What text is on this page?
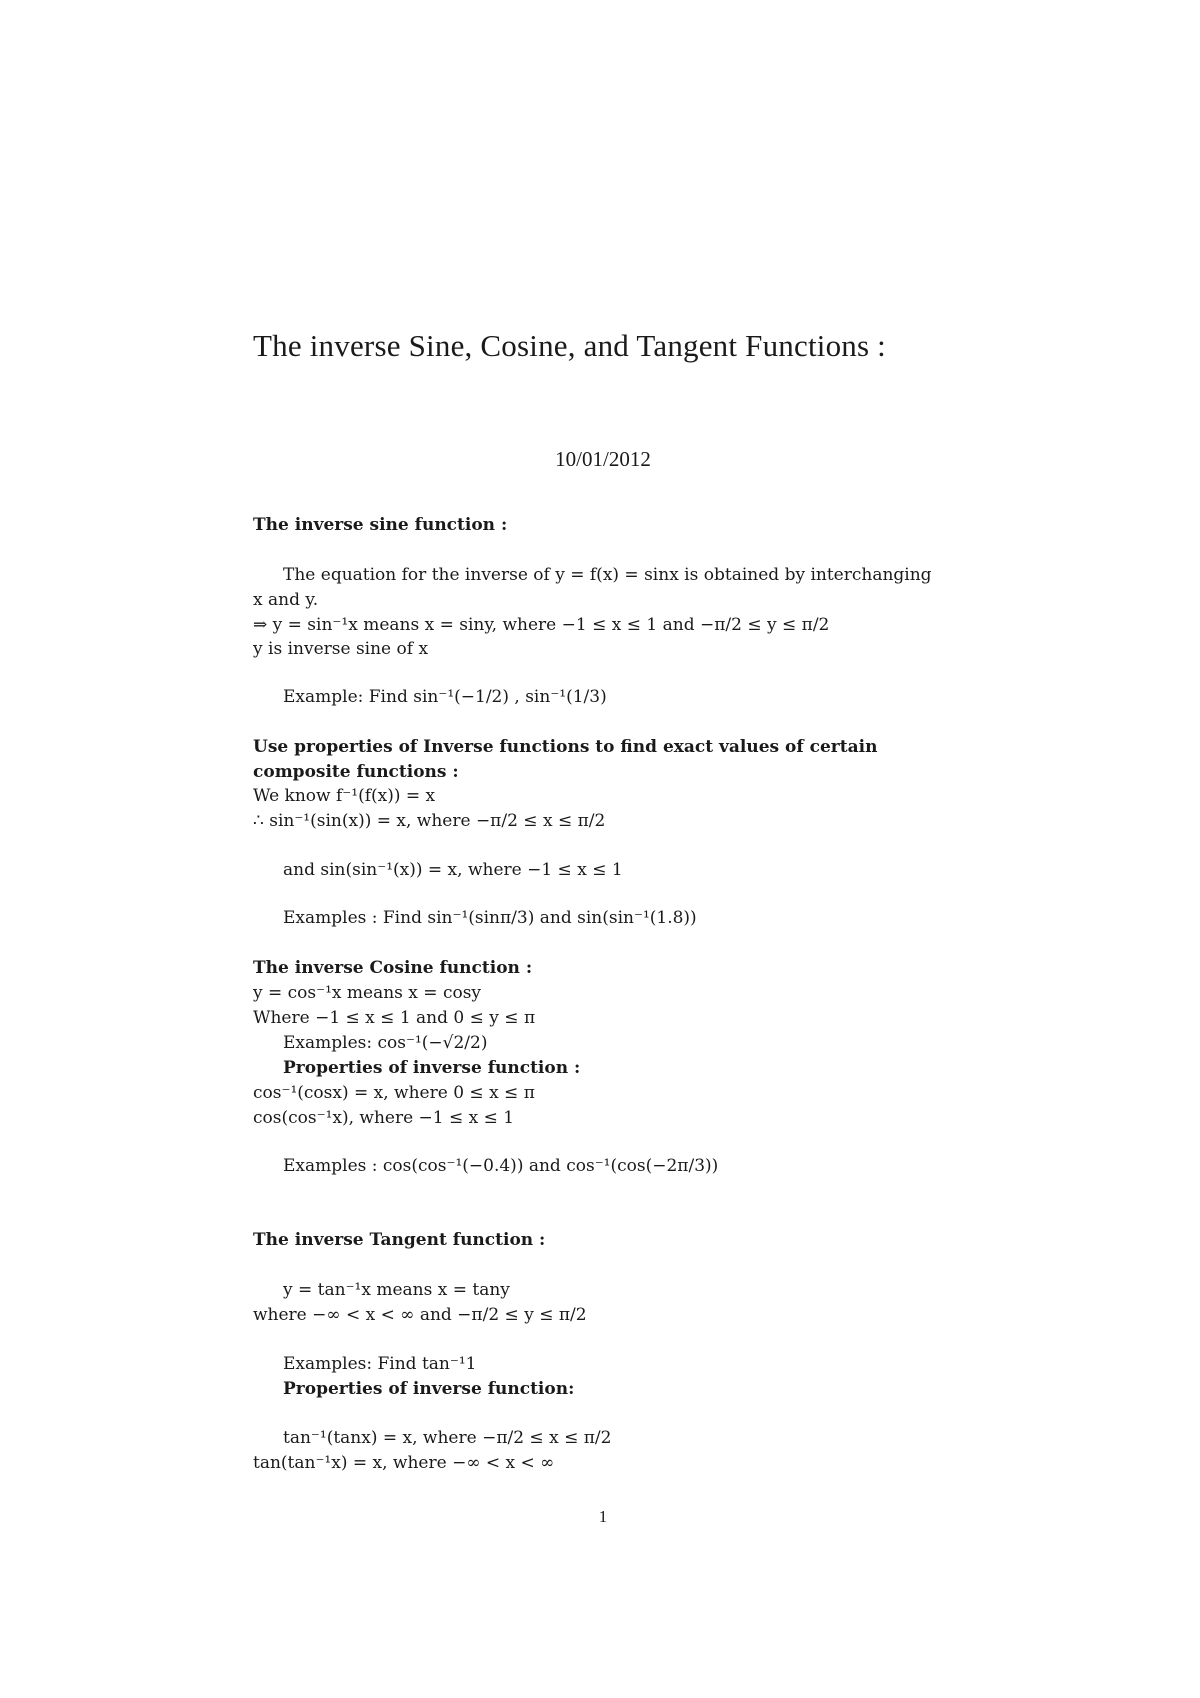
The inverse Sine, Cosine, and Tangent Functions :
10/01/2012
The inverse sine function :
The equation for the inverse of y = f(x) = sinx is obtained by interchanging
x and y.
⇒ y = sin⁻¹x means x = siny, where −1 ≤ x ≤ 1 and −π/2 ≤ y ≤ π/2
y is inverse sine of x
Example: Find sin⁻¹(−1/2) , sin⁻¹(1/3)
Use properties of Inverse functions to find exact values of certain
composite functions :
We know f⁻¹(f(x)) = x
∴ sin⁻¹(sin(x)) = x, where −π/2 ≤ x ≤ π/2
and sin(sin⁻¹(x)) = x, where −1 ≤ x ≤ 1
Examples : Find sin⁻¹(sinπ/3) and sin(sin⁻¹(1.8))
The inverse Cosine function :
y = cos⁻¹x means x = cosy
Where −1 ≤ x ≤ 1 and 0 ≤ y ≤ π
Examples: cos⁻¹(−√2/2)
Properties of inverse function :
cos⁻¹(cosx) = x, where 0 ≤ x ≤ π
cos(cos⁻¹x), where −1 ≤ x ≤ 1
Examples : cos(cos⁻¹(−0.4)) and cos⁻¹(cos(−2π/3))
The inverse Tangent function :
y = tan⁻¹x means x = tany
where −∞ < x < ∞ and −π/2 ≤ y ≤ π/2
Examples: Find tan⁻¹1
Properties of inverse function:
tan⁻¹(tanx) = x, where −π/2 ≤ x ≤ π/2
tan(tan⁻¹x) = x, where −∞ < x < ∞
1
